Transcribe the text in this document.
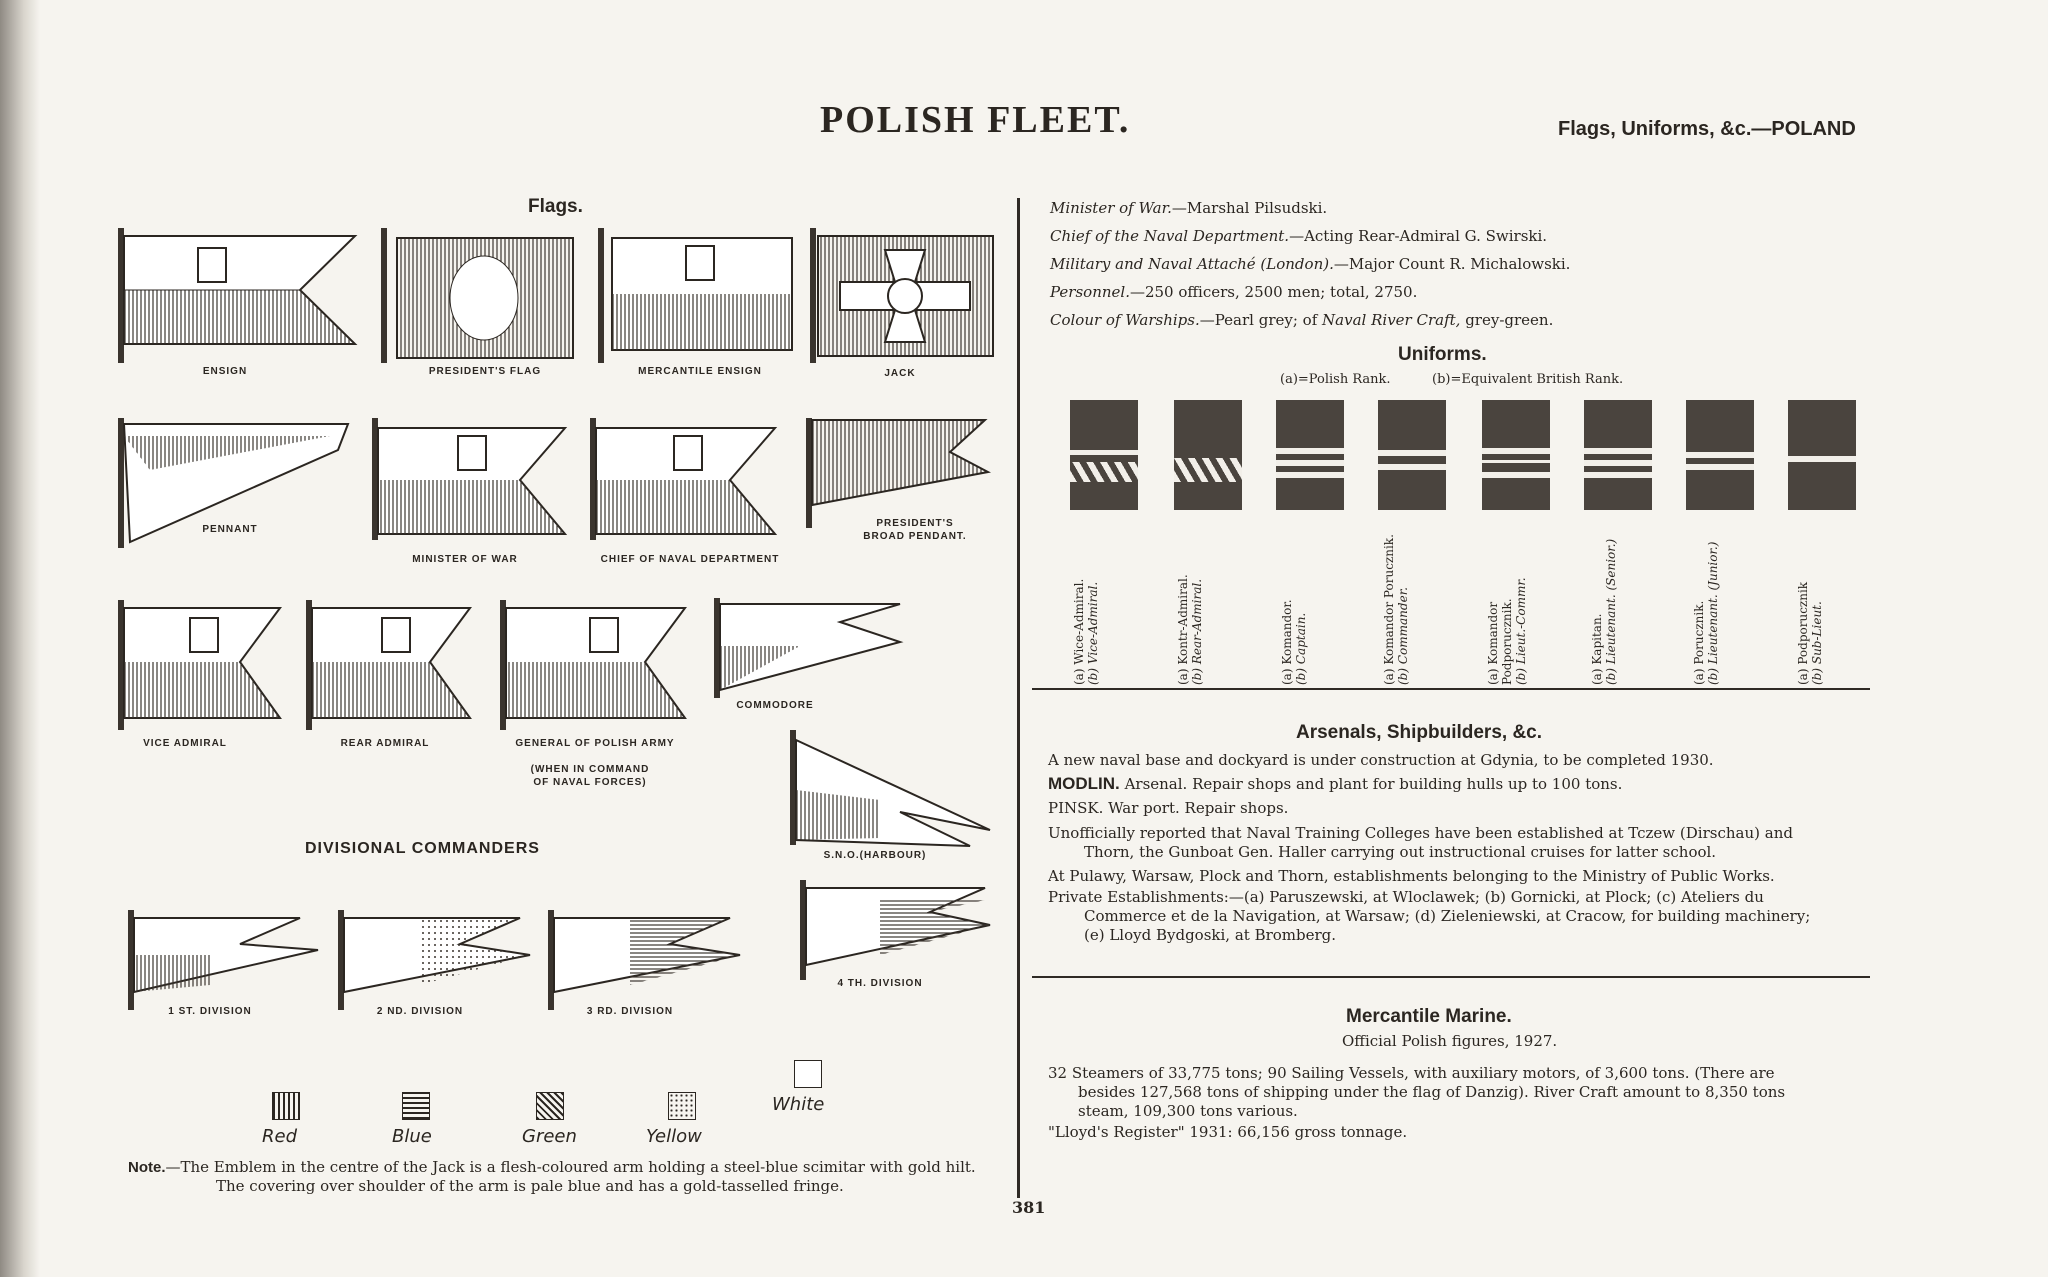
POLISH FLEET.	Flags, Uniforms, &c.—POLAND
Flags.
ENSIGN	PRESIDENT'S FLAG	MERCANTILE ENSIGN	JACK
PENNANT
MINISTER OF WAR	CHIEF OF NAVAL DEPARTMENT
PRESIDENT'S
BROAD PENDANT.
VICE ADMIRAL	REAR ADMIRAL	GENERAL OF POLISH ARMY
(WHEN IN COMMAND
OF NAVAL FORCES)
COMMODORE
S.N.O.(HARBOUR)
DIVISIONAL COMMANDERS
1 ST. DIVISION	2 ND. DIVISION	3 RD. DIVISION
4 TH. DIVISION
Red	Blue	Green	Yellow
White
Note.—The Emblem in the centre of the Jack is a flesh-coloured arm holding a steel-blue scimitar with gold hilt.
The covering over shoulder of the arm is pale blue and has a gold-tasselled fringe.
Minister of War.—Marshal Pilsudski.
Chief of the Naval Department.—Acting Rear-Admiral G. Swirski.
Military and Naval Attaché (London).—Major Count R. Michalowski.
Personnel.—250 officers, 2500 men; total, 2750.
Colour of Warships.—Pearl grey; of Naval River Craft, grey-green.
Uniforms.
(a)=Polish Rank.	(b)=Equivalent British Rank.
(a) Wice-Admiral.
(b) Vice-Admiral.	(a) Kontr-Admiral.
(b) Rear-Admiral.	(a) Komandor.
(b) Captain.	(a) Komandor Porucznik.
(b) Commander.	(a) Komandor Podporucznik.
(b) Lieut.-Commr.	(a) Kapitan.
(b) Lieutenant. (Senior.)	(a) Porucznik.
(b) Lieutenant. (Junior.)	(a) Podporucznik
(b) Sub-Lieut.
Arsenals, Shipbuilders, &c.
A new naval base and dockyard is under construction at Gdynia, to be completed 1930.
MODLIN. Arsenal. Repair shops and plant for building hulls up to 100 tons.
PINSK. War port. Repair shops.
Unofficially reported that Naval Training Colleges have been established at Tczew (Dirschau) and
Thorn, the Gunboat Gen. Haller carrying out instructional cruises for latter school.
At Pulawy, Warsaw, Plock and Thorn, establishments belonging to the Ministry of Public Works.
Private Establishments:—(a) Paruszewski, at Wloclawek; (b) Gornicki, at Plock; (c) Ateliers du
Commerce et de la Navigation, at Warsaw; (d) Zieleniewski, at Cracow, for building machinery;
(e) Lloyd Bydgoski, at Bromberg.
Mercantile Marine.
Official Polish figures, 1927.
32 Steamers of 33,775 tons; 90 Sailing Vessels, with auxiliary motors, of 3,600 tons. (There are
besides 127,568 tons of shipping under the flag of Danzig). River Craft amount to 8,350 tons
steam, 109,300 tons various.
"Lloyd's Register" 1931: 66,156 gross tonnage.
381
